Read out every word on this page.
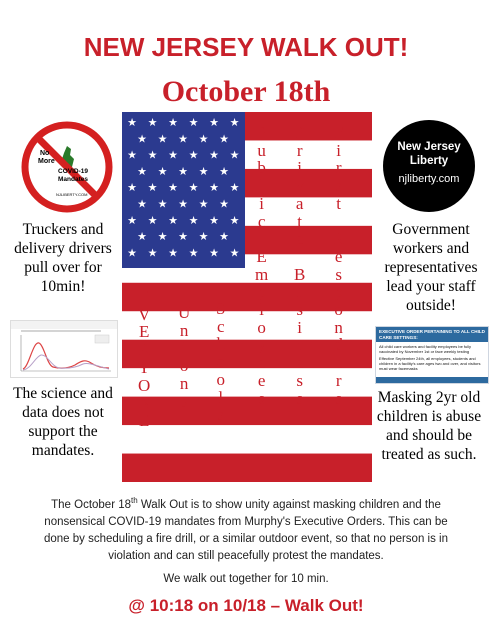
NEW JERSEY WALK OUT!
October 18th
No
More
COVID-19
Mandates
NJLIBERTY.COM
New Jersey
Liberty
njliberty.com
★ ★ ★ ★ ★ ★
★ ★ ★ ★ ★
★ ★ ★ ★ ★ ★
★ ★ ★ ★ ★
★ ★ ★ ★ ★ ★
★ ★ ★ ★ ★
★ ★ ★ ★ ★ ★
★ ★ ★ ★ ★
★ ★ ★ ★ ★ ★
E
V
E
R
Y
O
N
E
U
n
i
o
n
s
S
c
h
o
o
l
s
P
u
b
l
i
c

E
m
p
l
o
y
e
e
s
P
r
i
v
a
t
e

B
u
s
i
n
e
s
s
F
i
r
s
t

R
e
s
p
o
n
d
e
r
s
Truckers and delivery drivers pull over for 10min!
Government workers and representatives lead your staff outside!
The science and data does not support the mandates.
Masking 2yr old children is abuse and should be treated as such.
EXECUTIVE ORDER PERTAINING TO ALL CHILD CARE SETTINGS:
All child care workers and facility employees be fully vaccinated by November 1st or face weekly testing
Effective September 24th, all employees, students and children in a facility's care ages two and over, and visitors must wear facemasks
The October 18th Walk Out is to show unity against masking children and the nonsensical COVID-19 mandates from Murphy's Executive Orders. This can be done by scheduling a fire drill, or a similar outdoor event, so that no person is in violation and can still peacefully protest the mandates.
We walk out together for 10 min.
@ 10:18 on 10/18 – Walk Out!
